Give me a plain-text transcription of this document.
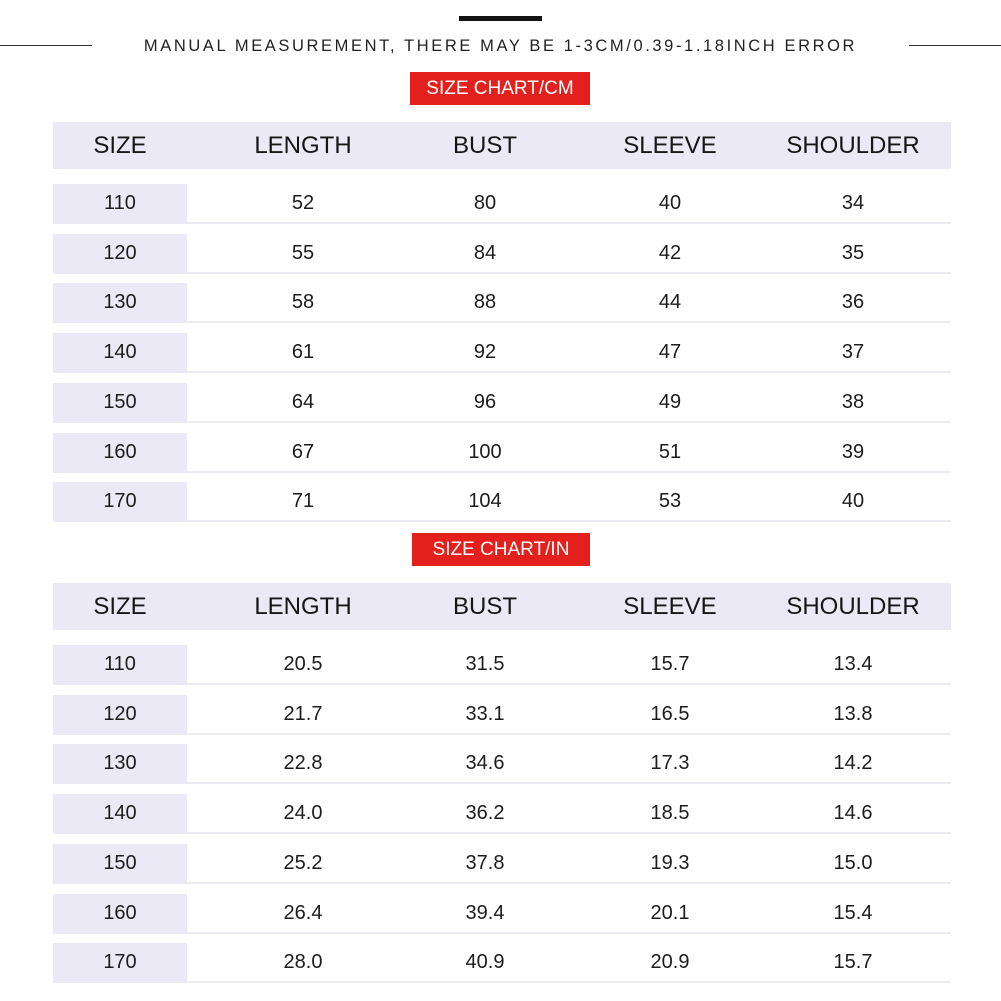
MANUAL MEASUREMENT, THERE MAY BE 1-3CM/0.39-1.18INCH ERROR
SIZE CHART/CM
SIZE	LENGTH	BUST	SLEEVE	SHOULDER
110	52	80	40	34
120	55	84	42	35
130	58	88	44	36
140	61	92	47	37
150	64	96	49	38
160	67	100	51	39
170	71	104	53	40
SIZE CHART/IN
SIZE	LENGTH	BUST	SLEEVE	SHOULDER
110	20.5	31.5	15.7	13.4
120	21.7	33.1	16.5	13.8
130	22.8	34.6	17.3	14.2
140	24.0	36.2	18.5	14.6
150	25.2	37.8	19.3	15.0
160	26.4	39.4	20.1	15.4
170	28.0	40.9	20.9	15.7
